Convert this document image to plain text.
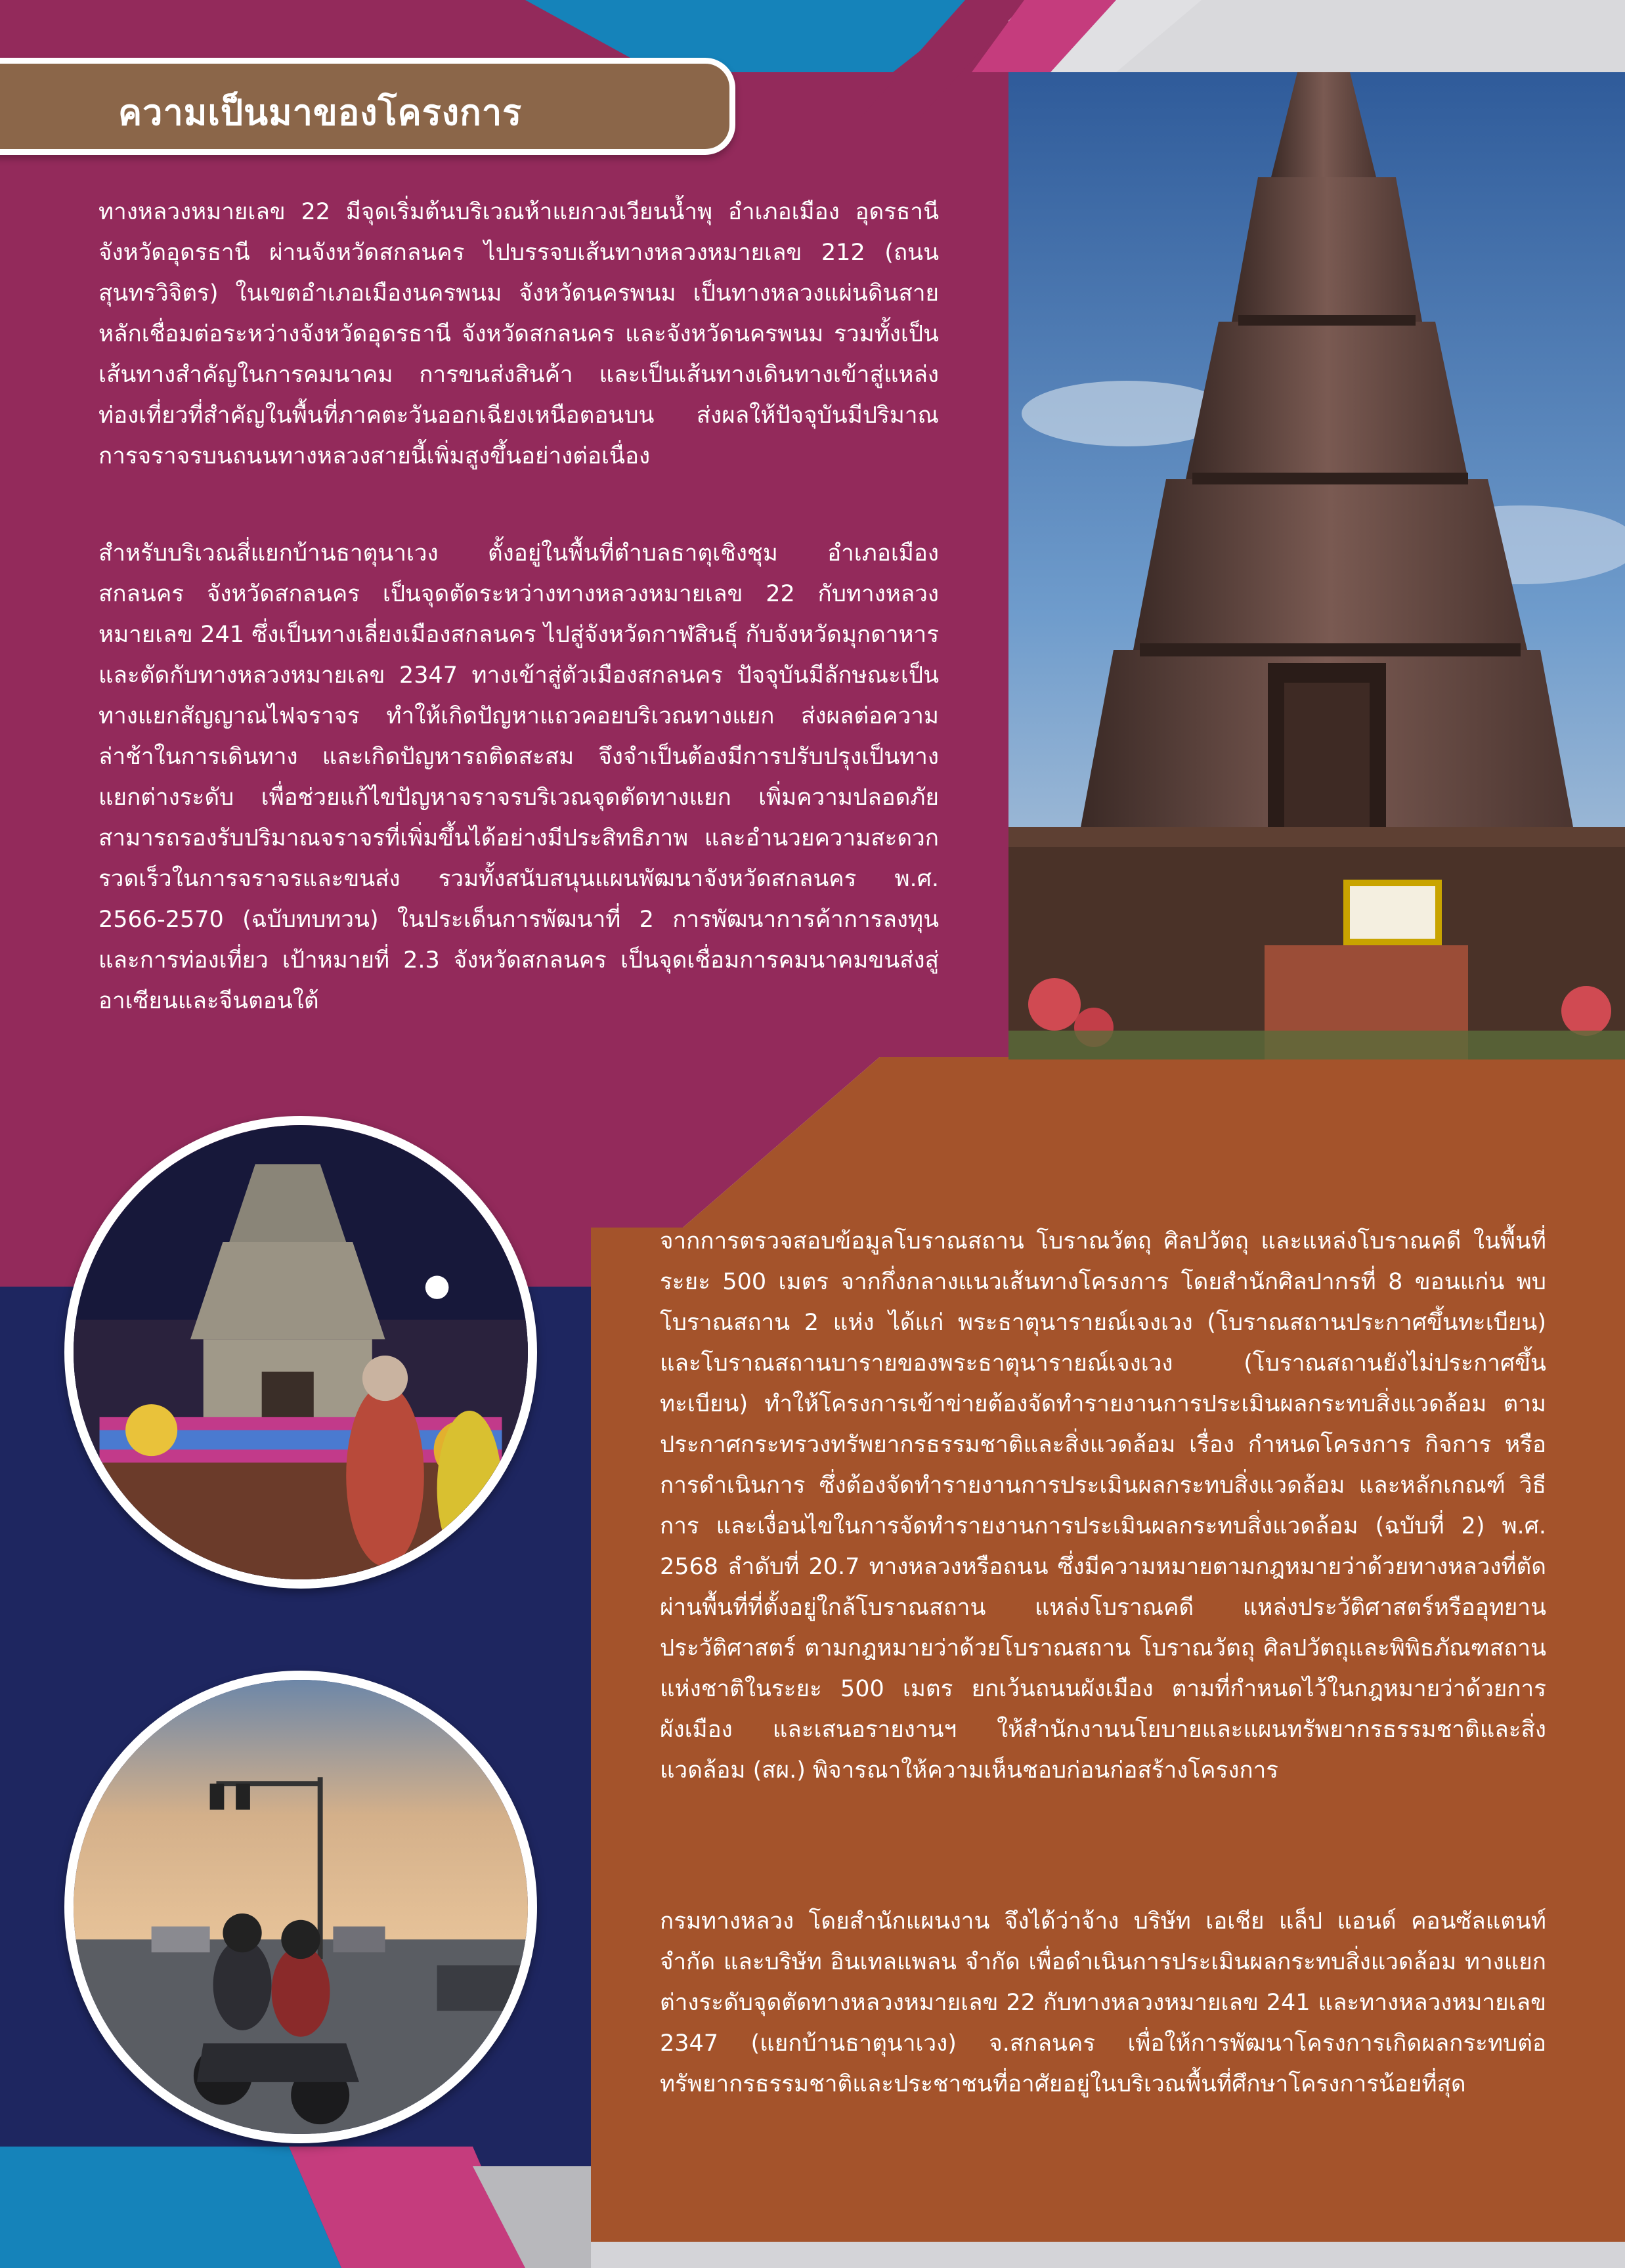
ความเป็นมาของโครงการ

ทางหลวงหมายเลข 22 มีจุดเริ่มต้นบริเวณห้าแยกวงเวียนน้ำพุ อำเภอเมือง อุดรธานี จังหวัดอุดรธานี ผ่านจังหวัดสกลนคร ไปบรรจบเส้นทางหลวงหมายเลข 212 (ถนนสุนทรวิจิตร) ในเขตอำเภอเมืองนครพนม จังหวัดนครพนม เป็นทางหลวงแผ่นดินสายหลักเชื่อมต่อระหว่างจังหวัดอุดรธานี จังหวัดสกลนคร และจังหวัดนครพนม รวมทั้งเป็นเส้นทางสำคัญในการคมนาคม การขนส่งสินค้า และเป็นเส้นทางเดินทางเข้าสู่แหล่งท่องเที่ยวที่สำคัญในพื้นที่ภาคตะวันออกเฉียงเหนือตอนบน ส่งผลให้ปัจจุบันมีปริมาณการจราจรบนถนนทางหลวงสายนี้เพิ่มสูงขึ้นอย่างต่อเนื่อง

สำหรับบริเวณสี่แยกบ้านธาตุนาเวง ตั้งอยู่ในพื้นที่ตำบลธาตุเชิงชุม อำเภอเมืองสกลนคร จังหวัดสกลนคร เป็นจุดตัดระหว่างทางหลวงหมายเลข 22 กับทางหลวงหมายเลข 241 ซึ่งเป็นทางเลี่ยงเมืองสกลนคร ไปสู่จังหวัดกาฬสินธุ์ กับจังหวัดมุกดาหาร และตัดกับทางหลวงหมายเลข 2347 ทางเข้าสู่ตัวเมืองสกลนคร ปัจจุบันมีลักษณะเป็นทางแยกสัญญาณไฟจราจร ทำให้เกิดปัญหาแถวคอยบริเวณทางแยก ส่งผลต่อความล่าช้าในการเดินทาง และเกิดปัญหารถติดสะสม จึงจำเป็นต้องมีการปรับปรุงเป็นทางแยกต่างระดับ เพื่อช่วยแก้ไขปัญหาจราจรบริเวณจุดตัดทางแยก เพิ่มความปลอดภัย สามารถรองรับปริมาณจราจรที่เพิ่มขึ้นได้อย่างมีประสิทธิภาพ และอำนวยความสะดวกรวดเร็วในการจราจรและขนส่ง รวมทั้งสนับสนุนแผนพัฒนาจังหวัดสกลนคร พ.ศ. 2566-2570 (ฉบับทบทวน) ในประเด็นการพัฒนาที่ 2 การพัฒนาการค้าการลงทุน และการท่องเที่ยว เป้าหมายที่ 2.3 จังหวัดสกลนคร เป็นจุดเชื่อมการคมนาคมขนส่งสู่อาเซียนและจีนตอนใต้

จากการตรวจสอบข้อมูลโบราณสถาน โบราณวัตถุ ศิลปวัตถุ และแหล่งโบราณคดี ในพื้นที่ระยะ 500 เมตร จากกึ่งกลางแนวเส้นทางโครงการ โดยสำนักศิลปากรที่ 8 ขอนแก่น พบโบราณสถาน 2 แห่ง ได้แก่ พระธาตุนารายณ์เจงเวง (โบราณสถานประกาศขึ้นทะเบียน) และโบราณสถานบารายของพระธาตุนารายณ์เจงเวง (โบราณสถานยังไม่ประกาศขึ้นทะเบียน) ทำให้โครงการเข้าข่ายต้องจัดทำรายงานการประเมินผลกระทบสิ่งแวดล้อม ตามประกาศกระทรวงทรัพยากรธรรมชาติและสิ่งแวดล้อม เรื่อง กำหนดโครงการ กิจการ หรือการดำเนินการ ซึ่งต้องจัดทำรายงานการประเมินผลกระทบสิ่งแวดล้อม และหลักเกณฑ์ วิธีการ และเงื่อนไขในการจัดทำรายงานการประเมินผลกระทบสิ่งแวดล้อม (ฉบับที่ 2) พ.ศ. 2568 ลำดับที่ 20.7 ทางหลวงหรือถนน ซึ่งมีความหมายตามกฎหมายว่าด้วยทางหลวงที่ตัดผ่านพื้นที่ที่ตั้งอยู่ใกล้โบราณสถาน แหล่งโบราณคดี แหล่งประวัติศาสตร์หรืออุทยานประวัติศาสตร์ ตามกฎหมายว่าด้วยโบราณสถาน โบราณวัตถุ ศิลปวัตถุและพิพิธภัณฑสถานแห่งชาติในระยะ 500 เมตร ยกเว้นถนนผังเมือง ตามที่กำหนดไว้ในกฎหมายว่าด้วยการผังเมือง และเสนอรายงานฯ ให้สำนักงานนโยบายและแผนทรัพยากรธรรมชาติและสิ่งแวดล้อม (สผ.) พิจารณาให้ความเห็นชอบก่อนก่อสร้างโครงการ

กรมทางหลวง โดยสำนักแผนงาน จึงได้ว่าจ้าง บริษัท เอเชีย แล็ป แอนด์ คอนซัลแตนท์ จำกัด และบริษัท อินเทลแพลน จำกัด เพื่อดำเนินการประเมินผลกระทบสิ่งแวดล้อม ทางแยกต่างระดับจุดตัดทางหลวงหมายเลข 22 กับทางหลวงหมายเลข 241 และทางหลวงหมายเลข 2347 (แยกบ้านธาตุนาเวง) จ.สกลนคร เพื่อให้การพัฒนาโครงการเกิดผลกระทบต่อทรัพยากรธรรมชาติและประชาชนที่อาศัยอยู่ในบริเวณพื้นที่ศึกษาโครงการน้อยที่สุด
